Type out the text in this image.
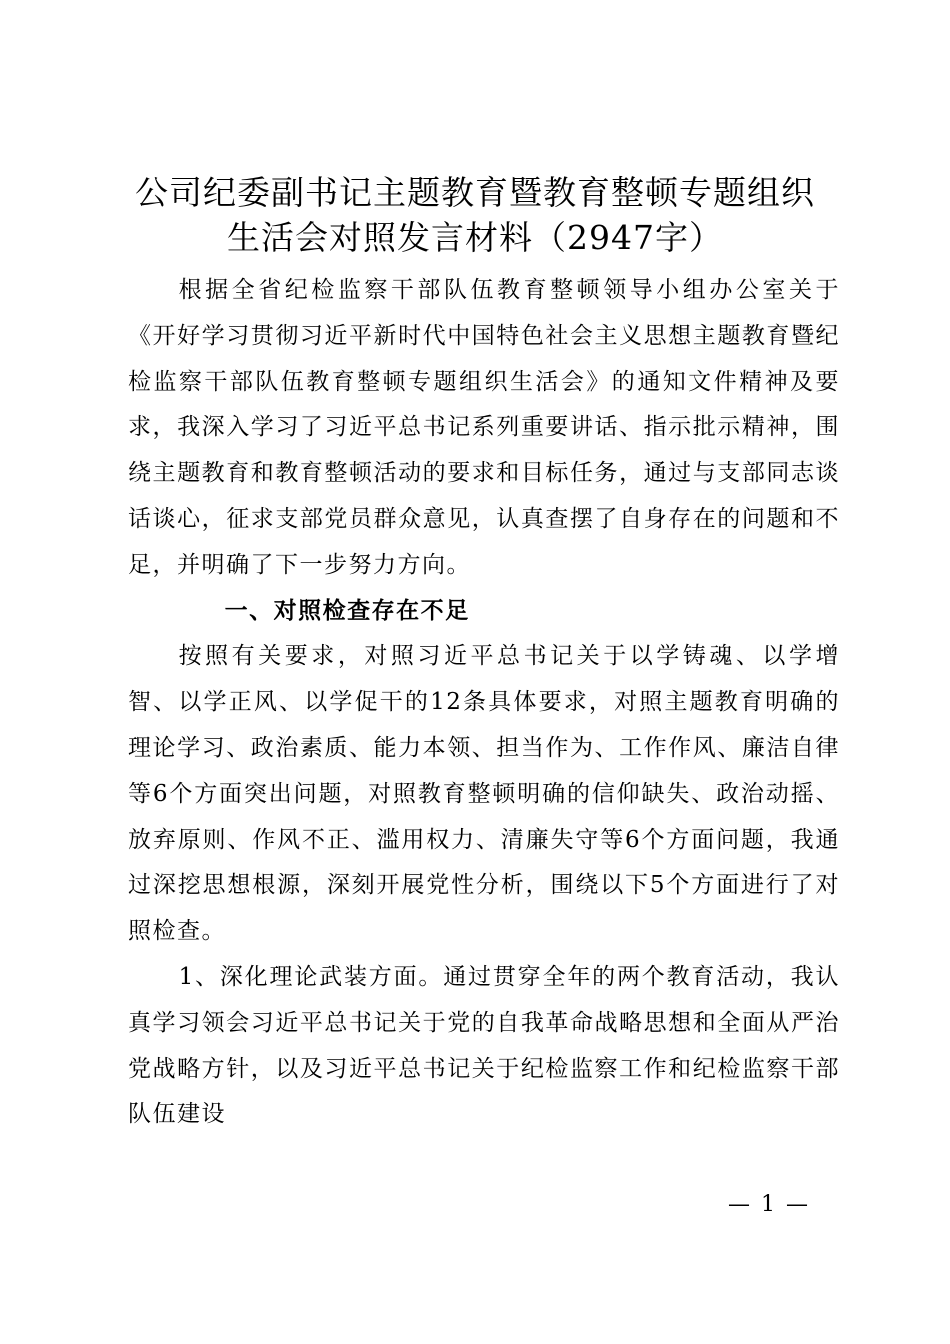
公司纪委副书记主题教育暨教育整顿专题组织
生活会对照发言材料（2947字）

根据全省纪检监察干部队伍教育整顿领导小组办公室关于《开好学习贯彻习近平新时代中国特色社会主义思想主题教育暨纪检监察干部队伍教育整顿专题组织生活会》的通知文件精神及要求，我深入学习了习近平总书记系列重要讲话、指示批示精神，围绕主题教育和教育整顿活动的要求和目标任务，通过与支部同志谈话谈心，征求支部党员群众意见，认真查摆了自身存在的问题和不足，并明确了下一步努力方向。

一、对照检查存在不足

按照有关要求，对照习近平总书记关于以学铸魂、以学增智、以学正风、以学促干的12条具体要求，对照主题教育明确的理论学习、政治素质、能力本领、担当作为、工作作风、廉洁自律等6个方面突出问题，对照教育整顿明确的信仰缺失、政治动摇、放弃原则、作风不正、滥用权力、清廉失守等6个方面问题，我通过深挖思想根源，深刻开展党性分析，围绕以下5个方面进行了对照检查。

1、深化理论武装方面。通过贯穿全年的两个教育活动，我认真学习领会习近平总书记关于党的自我革命战略思想和全面从严治党战略方针，以及习近平总书记关于纪检监察工作和纪检监察干部队伍建设

— 1 —
